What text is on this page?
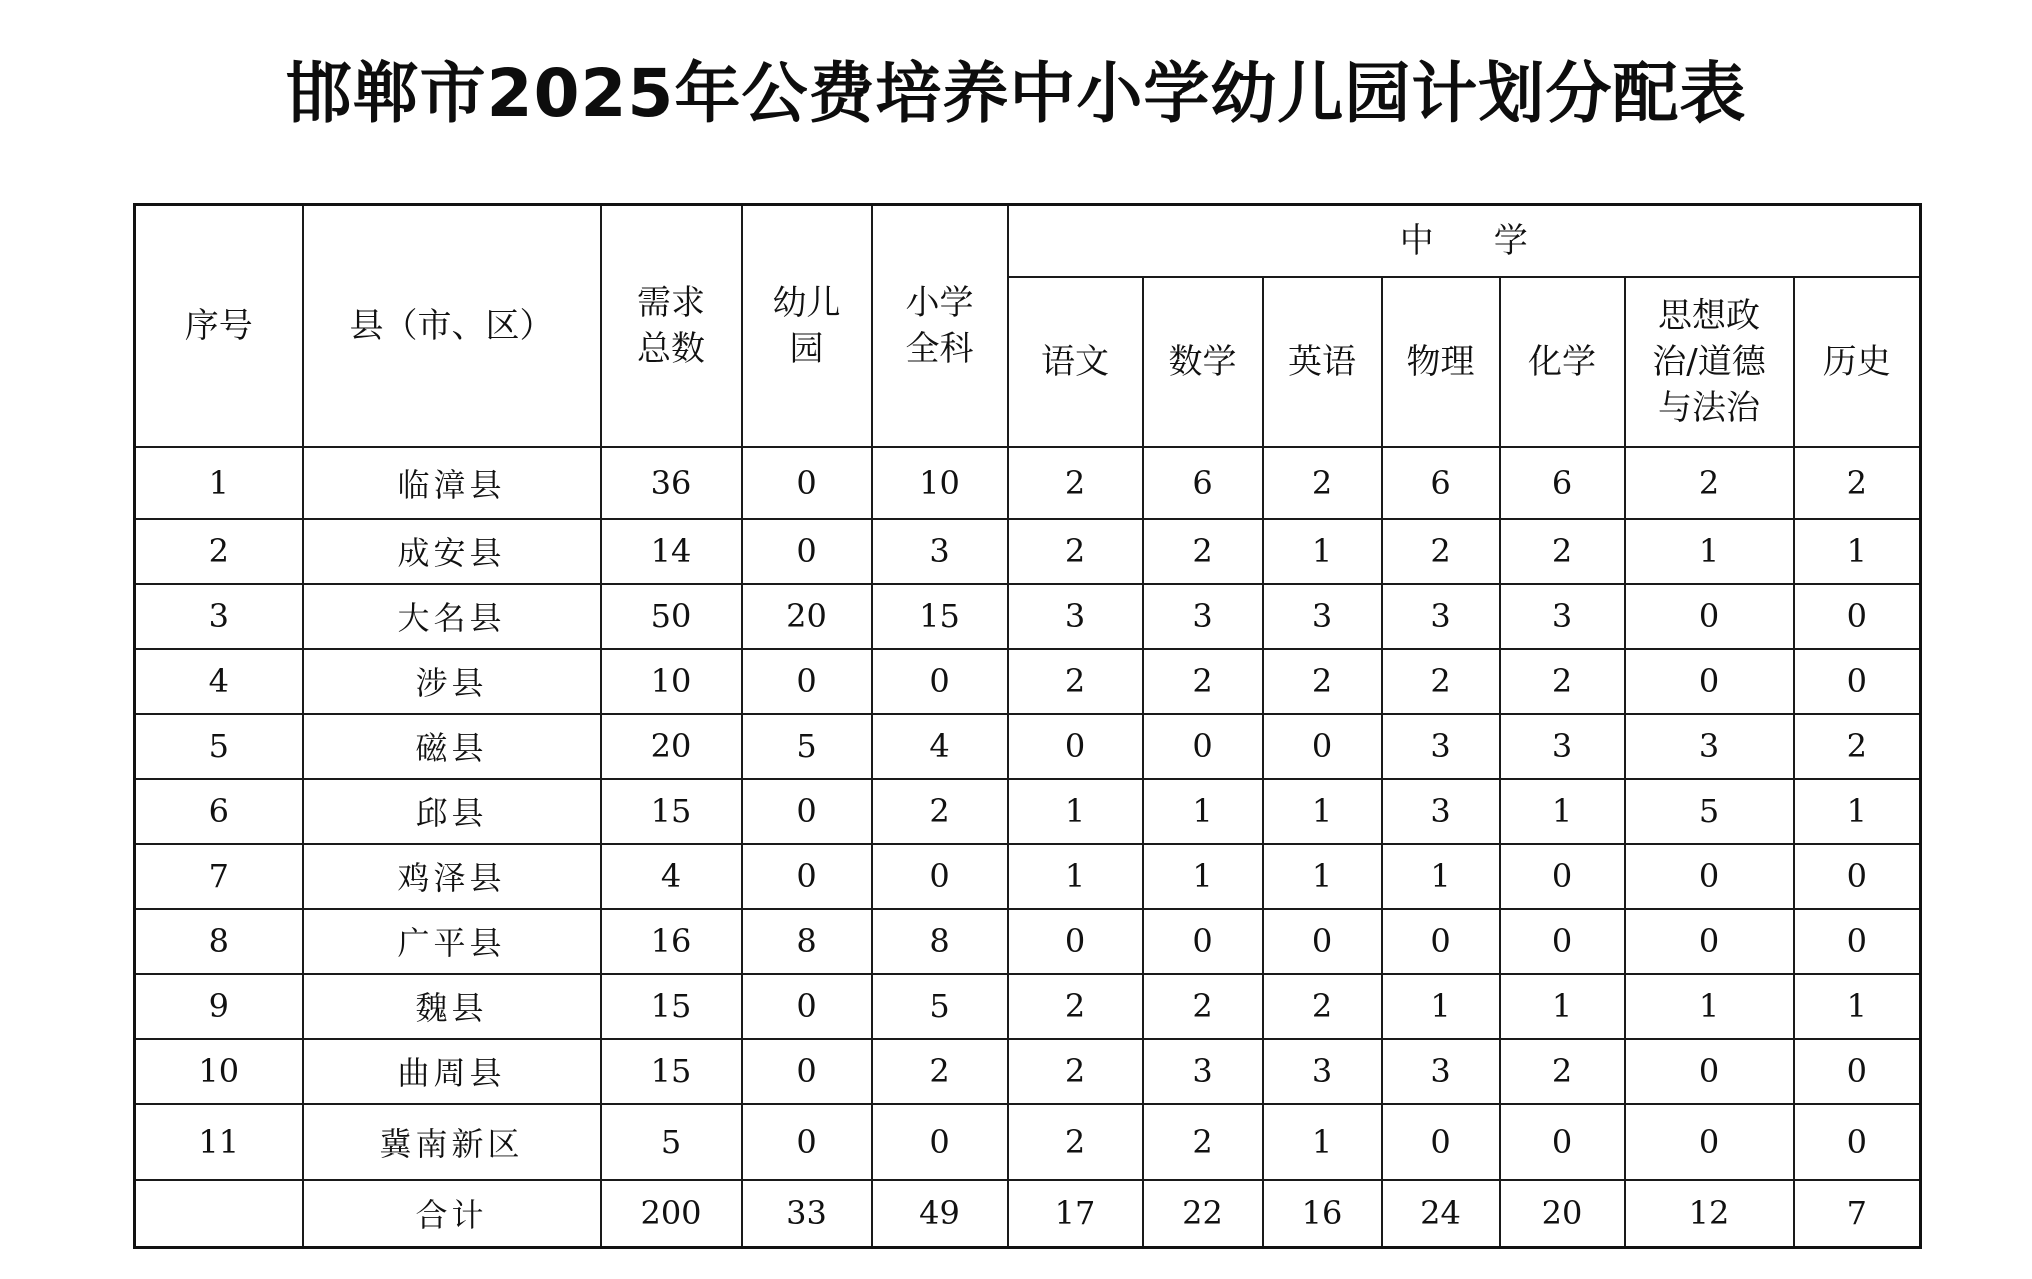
邯郸市2025年公费培养中小学幼儿园计划分配表
序号	县（市、区）	需求总数	幼儿园	小学全科	中学						
					语文	数学	英语	物理	化学	思想政治/道德与法治	历史
1	临漳县	36	0	10	2	6	2	6	6	2	2
2	成安县	14	0	3	2	2	1	2	2	1	1
3	大名县	50	20	15	3	3	3	3	3	0	0
4	涉县	10	0	0	2	2	2	2	2	0	0
5	磁县	20	5	4	0	0	0	3	3	3	2
6	邱县	15	0	2	1	1	1	3	1	5	1
7	鸡泽县	4	0	0	1	1	1	1	0	0	0
8	广平县	16	8	8	0	0	0	0	0	0	0
9	魏县	15	0	5	2	2	2	1	1	1	1
10	曲周县	15	0	2	2	3	3	3	2	0	0
11	冀南新区	5	0	0	2	2	1	0	0	0	0
	合计	200	33	49	17	22	16	24	20	12	7
